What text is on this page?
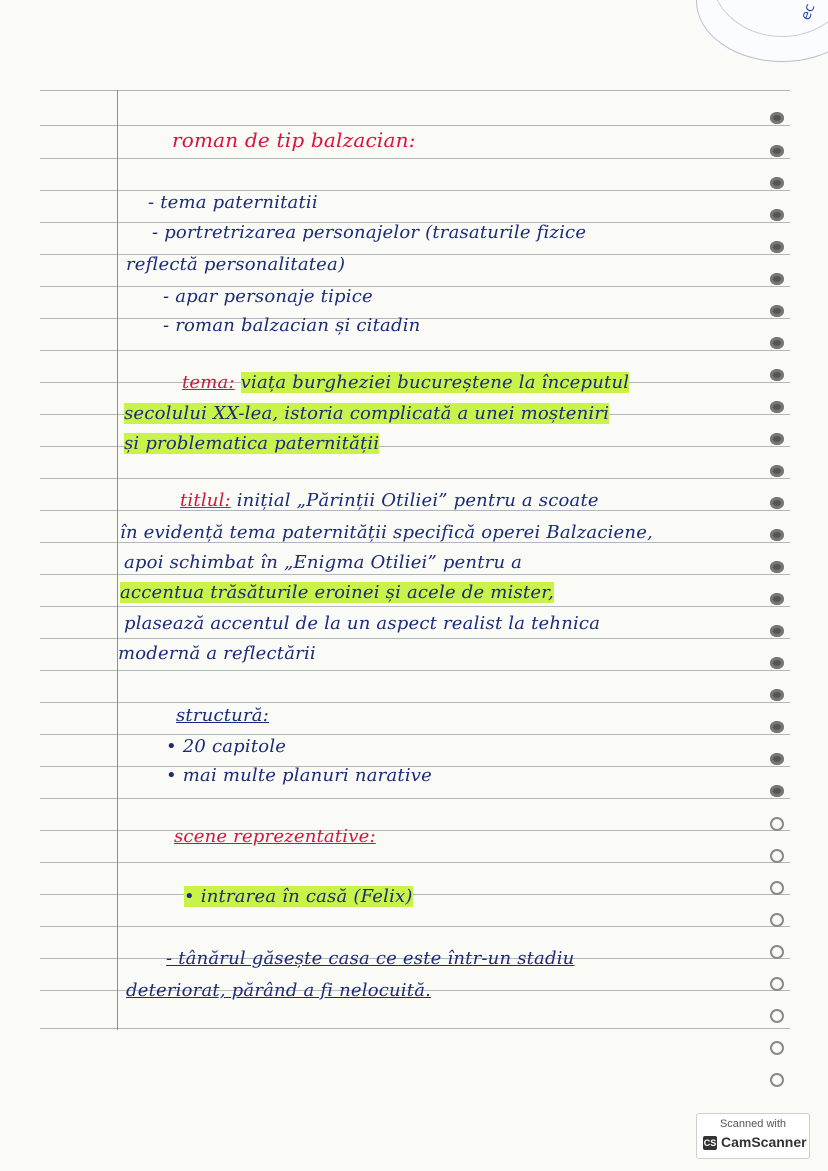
ec
roman de tip balzacian:
- tema paternitatii
- portretrizarea personajelor (trasaturile fizice
reflectă personalitatea)
- apar personaje tipice
- roman balzacian și citadin
tema: viața burgheziei bucureștene la începutul
secolului XX-lea, istoria complicată a unei moșteniri
și problematica paternității
titlul: inițial „Părinții Otiliei” pentru a scoate
în evidență tema paternității specifică operei Balzaciene,
apoi schimbat în „Enigma Otiliei” pentru a
accentua trăsăturile eroinei și acele de mister,
plasează accentul de la un aspect realist la tehnica
modernă a reflectării
structură:
• 20 capitole
• mai multe planuri narative
scene reprezentative:
• intrarea în casă (Felix)
- tânărul găsește casa ce este într-un stadiu
deteriorat, părând a fi nelocuită.
Scanned with
CS CamScanner
